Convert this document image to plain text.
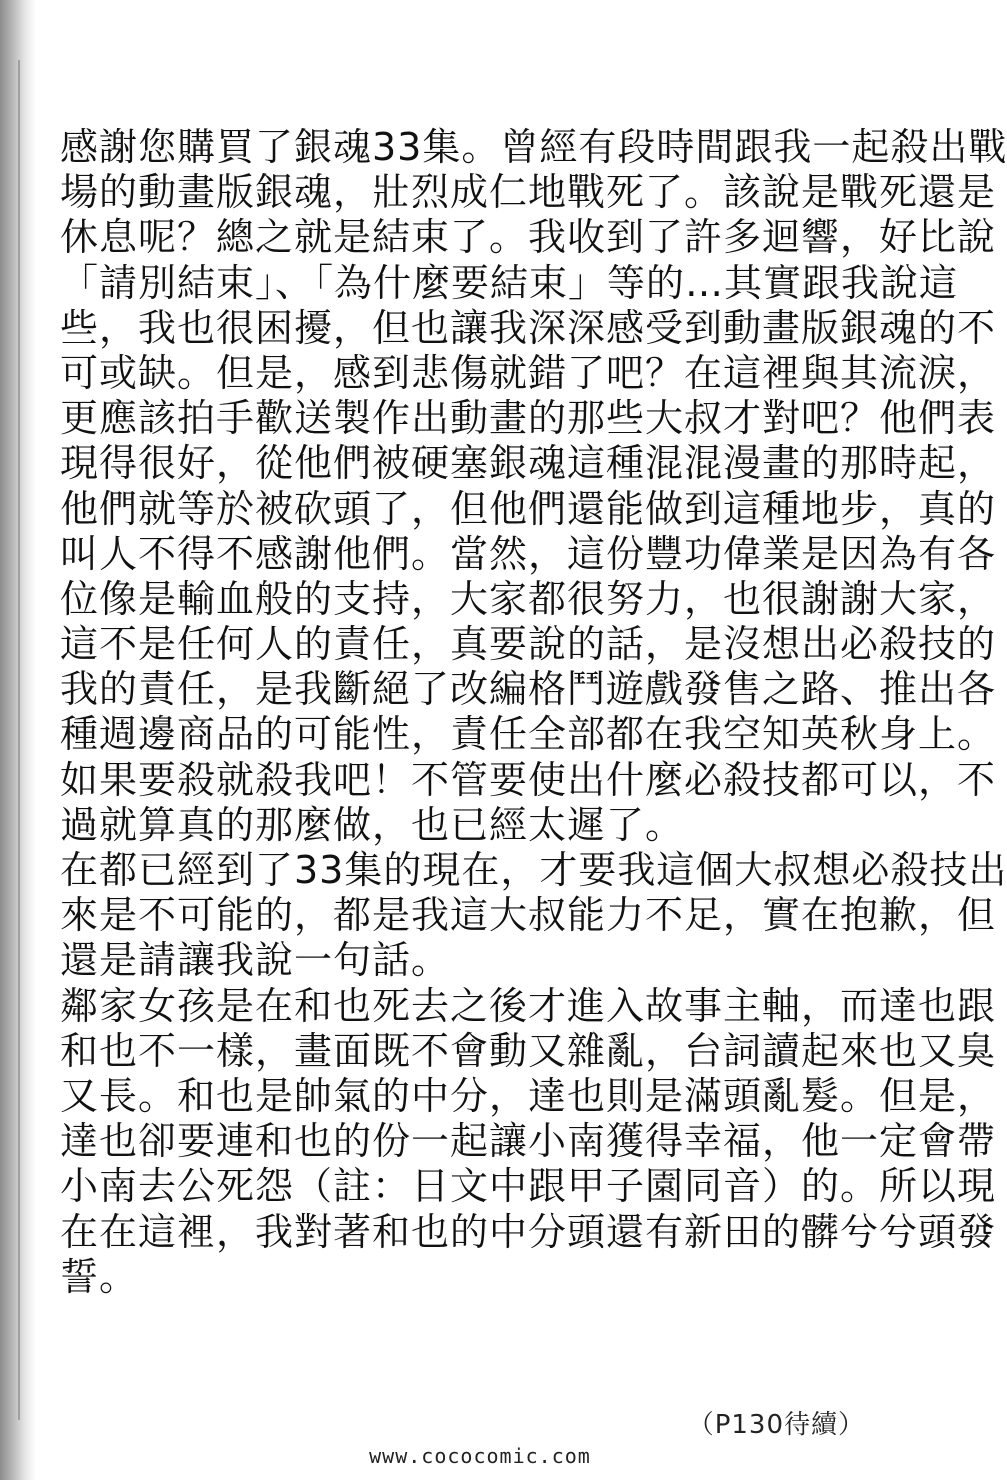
感謝您購買了銀魂33集。曾經有段時間跟我一起殺出戰
場的動畫版銀魂，壯烈成仁地戰死了。該說是戰死還是
休息呢？總之就是結束了。我收到了許多迴響，好比說
「請別結束」、「為什麼要結束」等的…其實跟我說這
些，我也很困擾，但也讓我深深感受到動畫版銀魂的不
可或缺。但是，感到悲傷就錯了吧？在這裡與其流淚，
更應該拍手歡送製作出動畫的那些大叔才對吧？他們表
現得很好，從他們被硬塞銀魂這種混混漫畫的那時起，
他們就等於被砍頭了，但他們還能做到這種地步，真的
叫人不得不感謝他們。當然，這份豐功偉業是因為有各
位像是輸血般的支持，大家都很努力，也很謝謝大家，
這不是任何人的責任，真要說的話，是沒想出必殺技的
我的責任，是我斷絕了改編格鬥遊戲發售之路、推出各
種週邊商品的可能性，責任全部都在我空知英秋身上。
如果要殺就殺我吧！不管要使出什麼必殺技都可以，不
過就算真的那麼做，也已經太遲了。
在都已經到了33集的現在，才要我這個大叔想必殺技出
來是不可能的，都是我這大叔能力不足，實在抱歉，但
還是請讓我說一句話。
鄰家女孩是在和也死去之後才進入故事主軸，而達也跟
和也不一樣，畫面既不會動又雜亂，台詞讀起來也又臭
又長。和也是帥氣的中分，達也則是滿頭亂髮。但是，
達也卻要連和也的份一起讓小南獲得幸福，他一定會帶
小南去公死怨（註：日文中跟甲子園同音）的。所以現
在在這裡，我對著和也的中分頭還有新田的髒兮兮頭發
誓。
（P130待續）
www.cococomic.com
